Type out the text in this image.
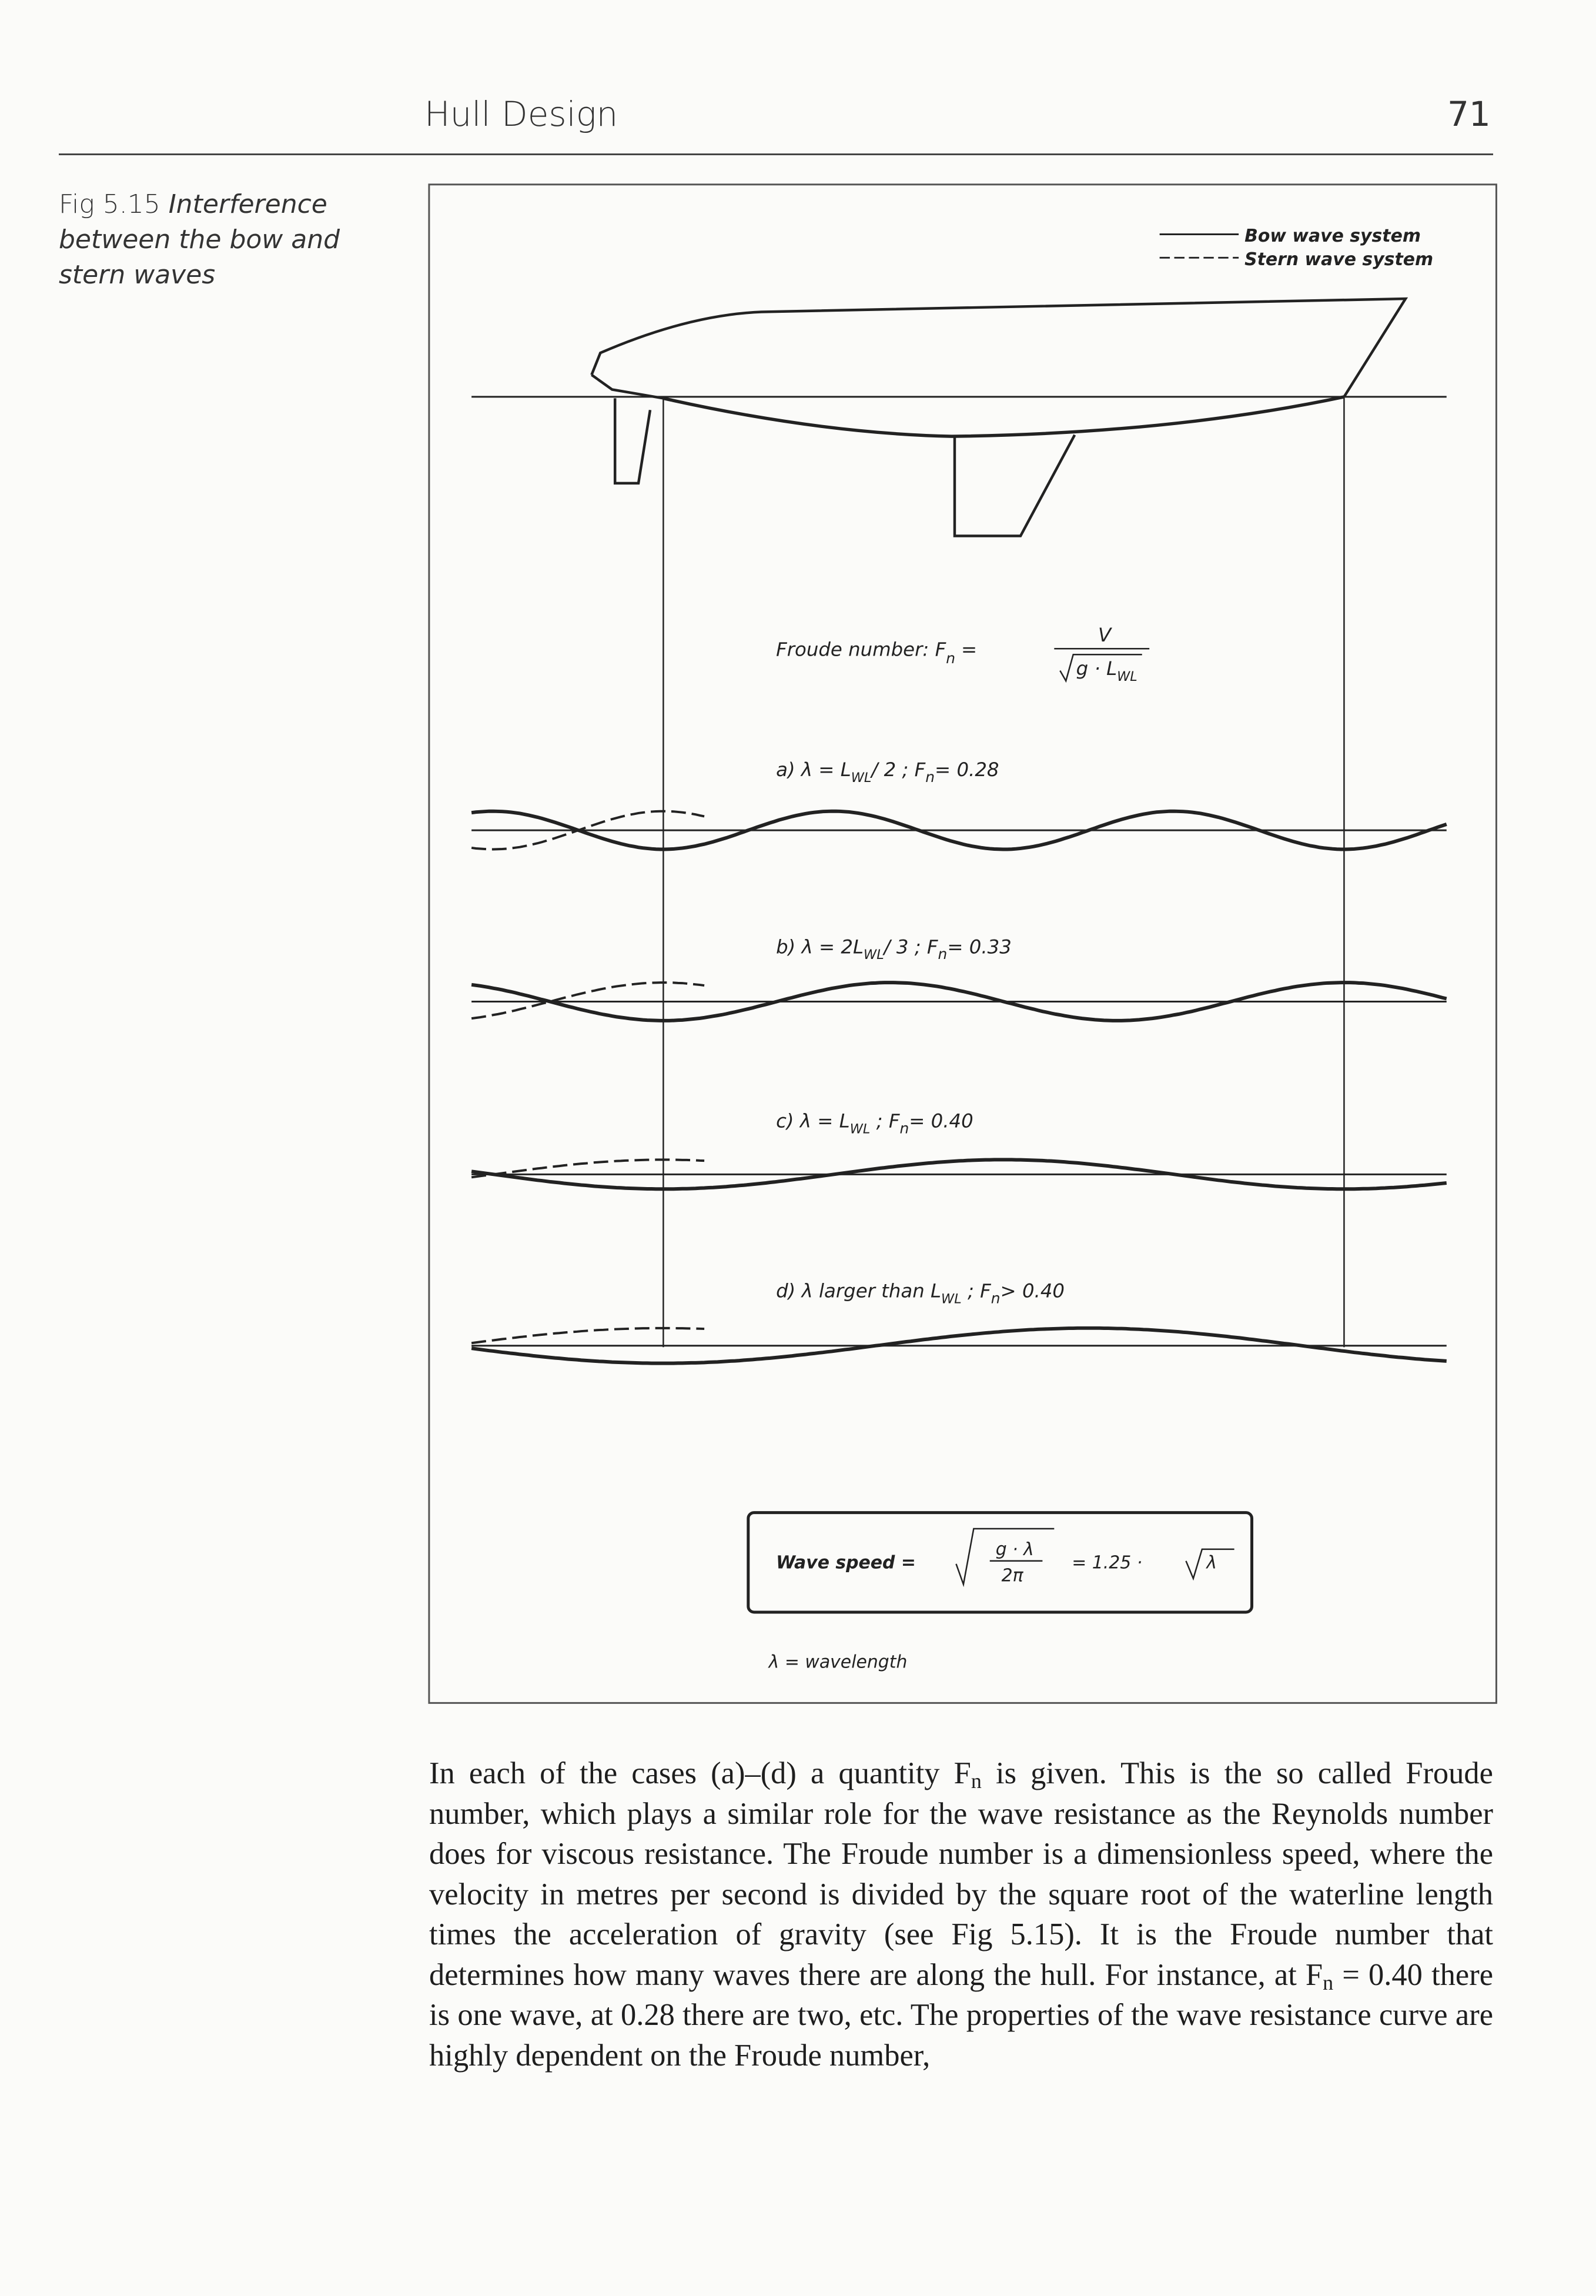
Hull Design	71
Fig 5.15 Interference between the bow and stern waves
Bow wave system
Stern wave system
Froude number: $F_n$ =
V
$g \cdot L_{WL}$
a) $\lambda = L_{WL}/$ 2 ; $F_n= 0.28$
b) $\lambda = 2L_{WL}/$ 3 ; $F_n= 0.33$
c) $\lambda = L_{WL}$ ; $F_n= 0.40$
d) λ larger than $L_{WL}$ ; $F_n> 0.40$
Wave speed =
g · λ
2π
= 1.25 ·	λ
λ = wavelength
In each of the cases (a)–(d) a quantity $F_n$ is given. This is the so called Froude number, which plays a similar role for the wave resistance as the Reynolds number does for viscous resistance. The Froude number is a dimensionless speed, where the velocity in metres per second is divided by the square root of the waterline length times the acceleration of gravity (see Fig 5.15). It is the Froude number that determines how many waves there are along the hull. For instance, at $F_n = 0.40$ there is one wave, at 0.28 there are two, etc. The properties of the wave resistance curve are highly dependent on the Froude number,
